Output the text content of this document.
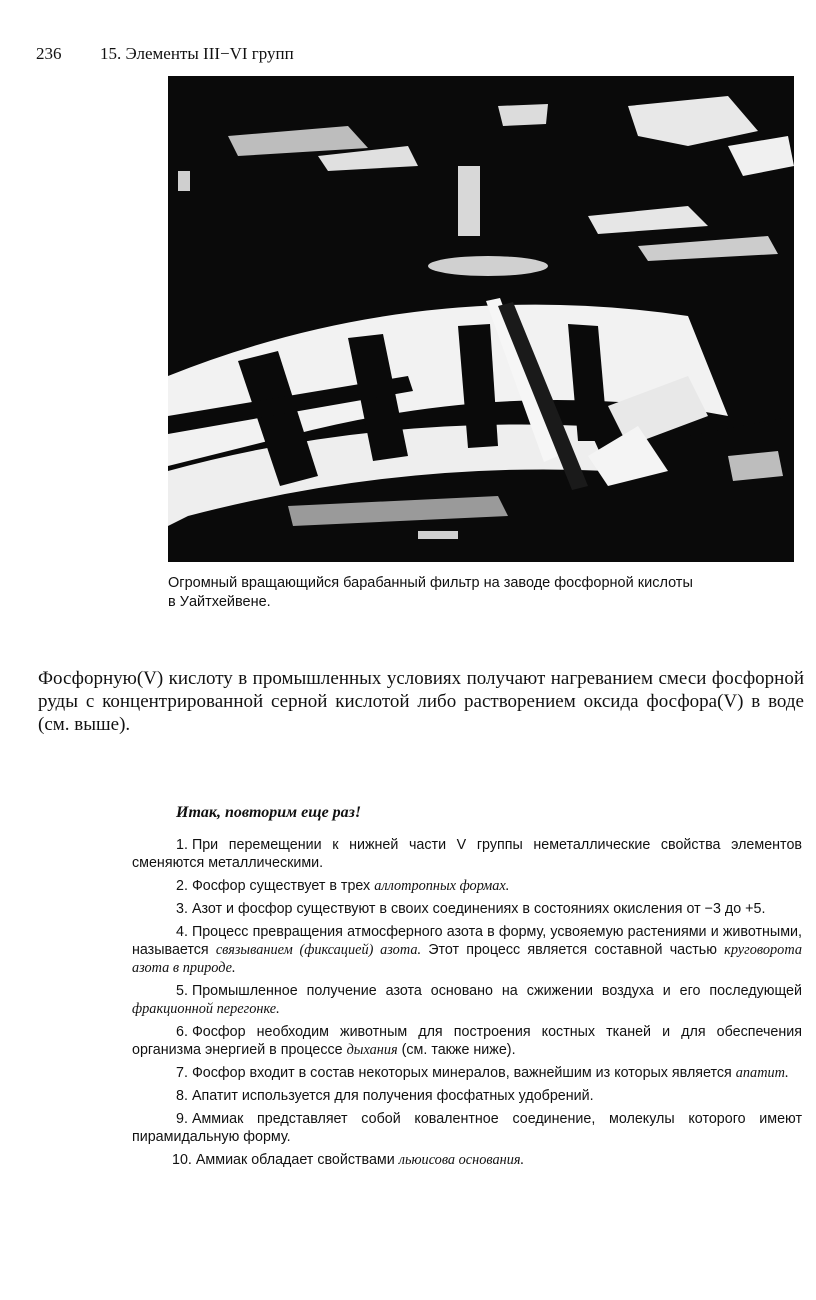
236 15. Элементы III−VI групп
Огромный вращающийся барабанный фильтр на заводе фосфорной кислоты
в Уайтхейвене.

Фосфорную(V) кислоту в промышленных условиях получают нагреванием смеси фосфорной руды с концентрированной серной кислотой либо растворением оксида фосфора(V) в воде (см. выше).

Итак, повторим еще раз!
1. При перемещении к нижней части V группы неметаллические свойства элементов сменяются металлическими.
2. Фосфор существует в трех аллотропных формах.
3. Азот и фосфор существуют в своих соединениях в состояниях окисления от −3 до +5.
4. Процесс превращения атмосферного азота в форму, усвояемую растениями и животными, называется связыванием (фиксацией) азота. Этот процесс является составной частью круговорота азота в природе.
5. Промышленное получение азота основано на сжижении воздуха и его последующей фракционной перегонке.
6. Фосфор необходим животным для построения костных тканей и для обеспечения организма энергией в процессе дыхания (см. также ниже).
7. Фосфор входит в состав некоторых минералов, важнейшим из которых является апатит.
8. Апатит используется для получения фосфатных удобрений.
9. Аммиак представляет собой ковалентное соединение, молекулы которого имеют пирамидальную форму.
10. Аммиак обладает свойствами льюисова основания.
